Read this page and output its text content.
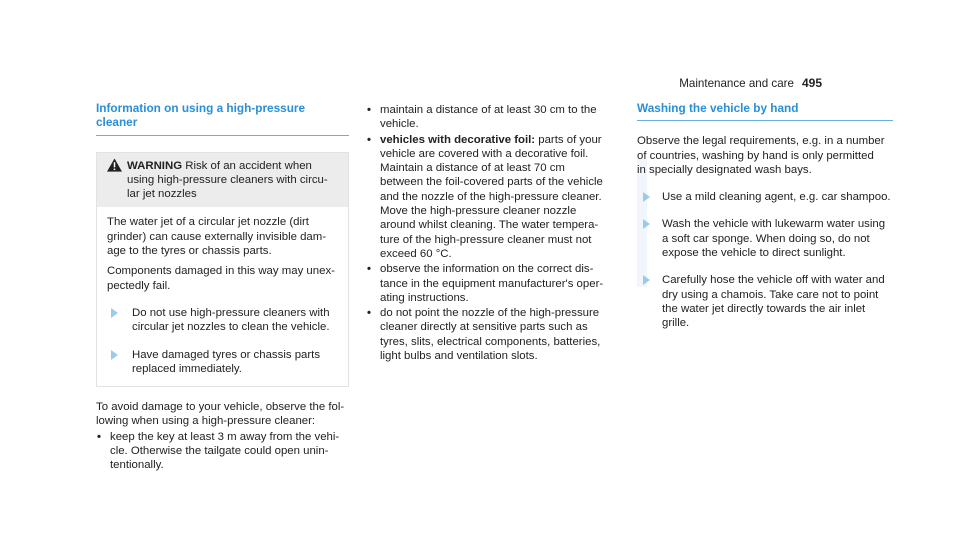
Maintenance and care 495
Information on using a high-pressure cleaner

WARNING Risk of an accident when

using high-pressure cleaners with circu-

lar jet nozzles

The water jet of a circular jet nozzle (dirt

grinder) can cause externally invisible dam-

age to the tyres or chassis parts.

Components damaged in this way may unex-

pectedly fail.

Do not use high-pressure cleaners with

circular jet nozzles to clean the vehicle.

Have damaged tyres or chassis parts

replaced immediately.

To avoid damage to your vehicle, observe the fol-

lowing when using a high-pressure cleaner:

• keep the key at least 3 m away from the vehi-

cle. Otherwise the tailgate could open unin-

tentionally.

• maintain a distance of at least 30 cm to the

vehicle.

• vehicles with decorative foil: parts of your

vehicle are covered with a decorative foil.

Maintain a distance of at least 70 cm

between the foil-covered parts of the vehicle

and the nozzle of the high-pressure cleaner.

Move the high-pressure cleaner nozzle

around whilst cleaning. The water tempera-

ture of the high-pressure cleaner must not

exceed 60 °C.

• observe the information on the correct dis-

tance in the equipment manufacturer's oper-

ating instructions.

• do not point the nozzle of the high-pressure

cleaner directly at sensitive parts such as

tyres, slits, electrical components, batteries,

light bulbs and ventilation slots.

Washing the vehicle by hand

Observe the legal requirements, e.g. in a number

of countries, washing by hand is only permitted

in specially designated wash bays.

Use a mild cleaning agent, e.g. car shampoo.

Wash the vehicle with lukewarm water using

a soft car sponge. When doing so, do not

expose the vehicle to direct sunlight.

Carefully hose the vehicle off with water and

dry using a chamois. Take care not to point

the water jet directly towards the air inlet

grille.
